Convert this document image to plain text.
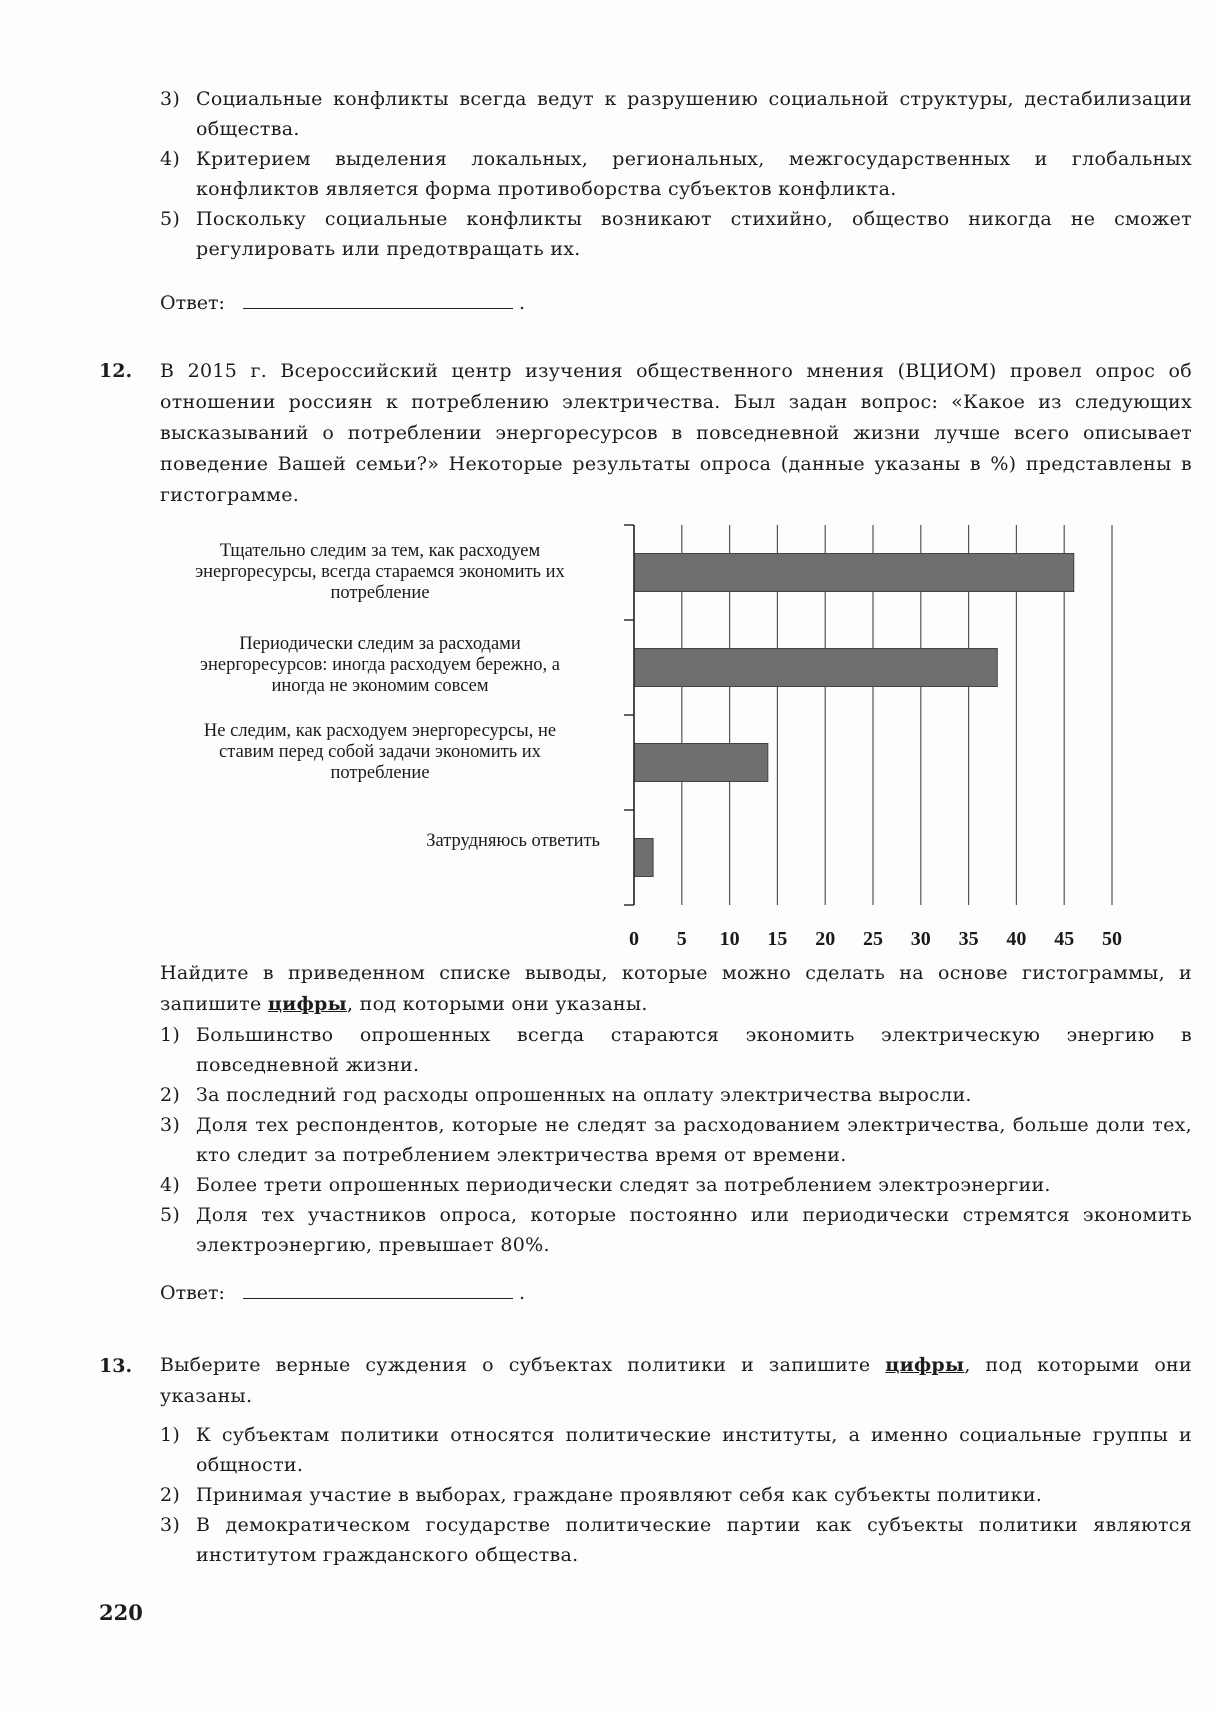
3) Социальные конфликты всегда ведут к разрушению социальной структуры, дестабилизации общества.
4) Критерием выделения локальных, региональных, межгосударственных и глобальных конфликтов является форма противоборства субъектов конфликта.
5) Поскольку социальные конфликты возникают стихийно, общество никогда не сможет регулировать или предотвращать их.
Ответ:	.
12. В 2015 г. Всероссийский центр изучения общественного мнения (ВЦИОМ) провел опрос об отношении россиян к потреблению электричества. Был задан вопрос: «Какое из следующих высказываний о потреблении энергоресурсов в повседневной жизни лучше всего описывает поведение Вашей семьи?» Некоторые результаты опроса (данные указаны в %) представлены в гистограмме.
Тщательно следим за тем, как расходуем
энергоресурсы, всегда стараемся экономить их
потребление
Периодически следим за расходами
энергоресурсов: иногда расходуем бережно, а
иногда не экономим совсем
Не следим, как расходуем энергоресурсы, не
ставим перед собой задачи экономить их
потребление
Затрудняюсь ответить
0 5 10 15 20 25 30 35 40 45 50
Найдите в приведенном списке выводы, которые можно сделать на основе гистограммы, и запишите цифры, под которыми они указаны.
1) Большинство опрошенных всегда стараются экономить электрическую энергию в повседневной жизни.
2) За последний год расходы опрошенных на оплату электричества выросли.
3) Доля тех респондентов, которые не следят за расходованием электричества, больше доли тех, кто следит за потреблением электричества время от времени.
4) Более трети опрошенных периодически следят за потреблением электроэнергии.
5) Доля тех участников опроса, которые постоянно или периодически стремятся экономить электроэнергию, превышает 80%.
Ответ:	.
13. Выберите верные суждения о субъектах политики и запишите цифры, под которыми они указаны.
1) К субъектам политики относятся политические институты, а именно социальные группы и общности.
2) Принимая участие в выборах, граждане проявляют себя как субъекты политики.
3) В демократическом государстве политические партии как субъекты политики являются институтом гражданского общества.
220
